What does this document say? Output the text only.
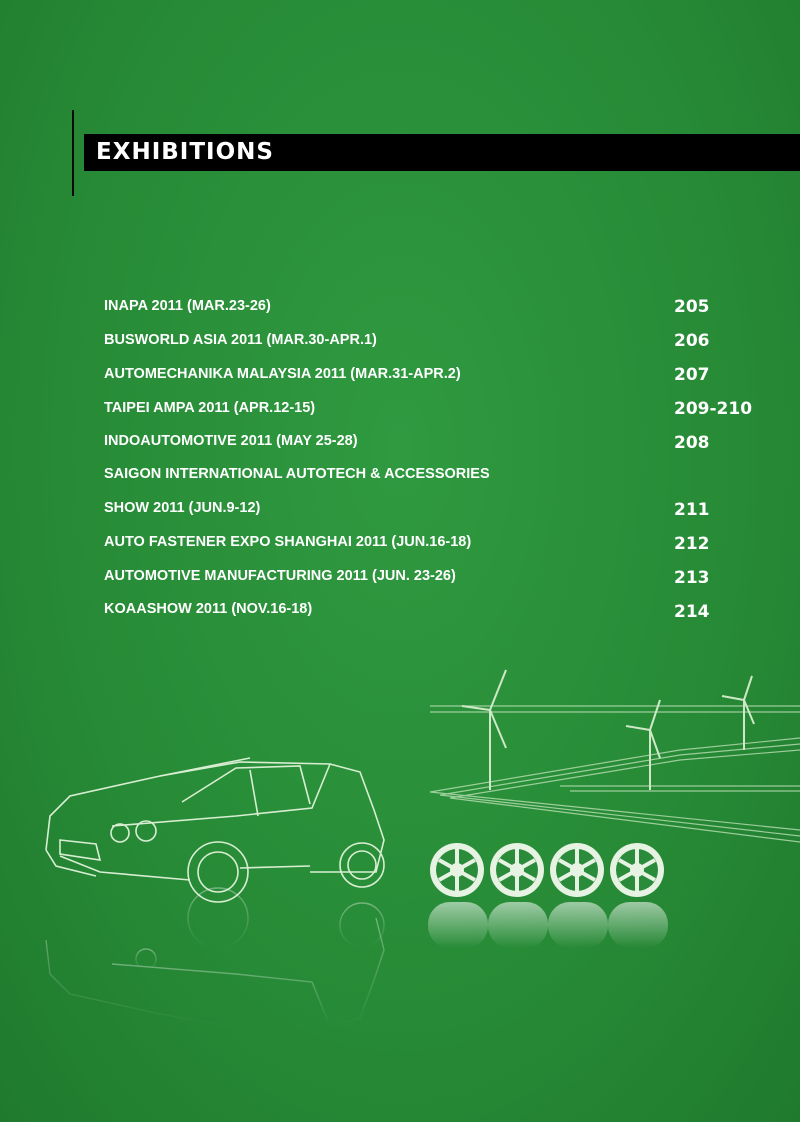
EXHIBITIONS
INAPA 2011 (MAR.23-26)	205
BUSWORLD ASIA 2011 (MAR.30-APR.1)	206
AUTOMECHANIKA MALAYSIA 2011 (MAR.31-APR.2)	207
TAIPEI AMPA 2011 (APR.12-15)	209-210
INDOAUTOMOTIVE 2011 (MAY 25-28)	208
SAIGON INTERNATIONAL AUTOTECH & ACCESSORIES
SHOW 2011 (JUN.9-12)	211
AUTO FASTENER EXPO SHANGHAI 2011 (JUN.16-18)	212
AUTOMOTIVE MANUFACTURING 2011 (JUN. 23-26)	213
KOAASHOW 2011 (NOV.16-18)	214
